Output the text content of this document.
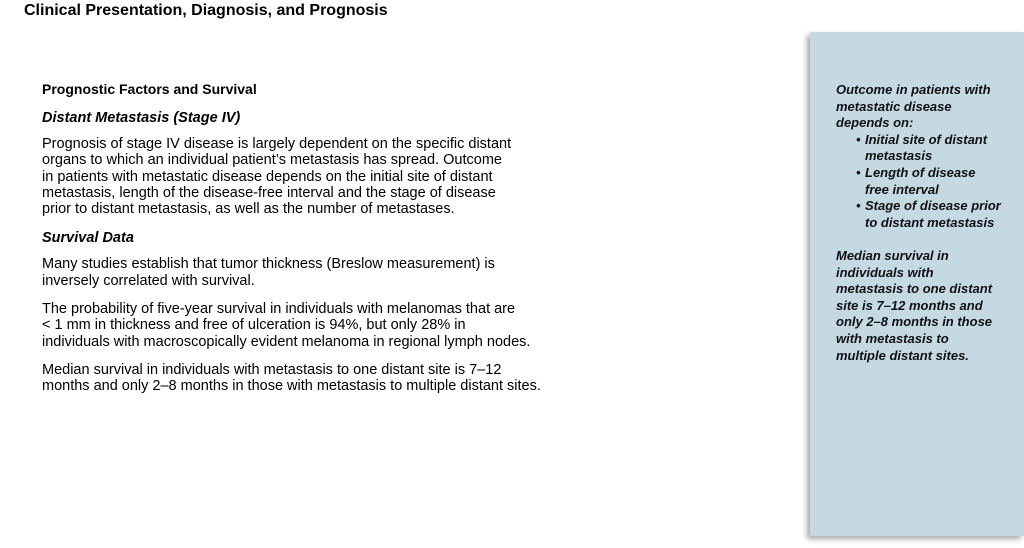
Clinical Presentation, Diagnosis, and Prognosis
Prognostic Factors and Survival
Distant Metastasis (Stage IV)
Prognosis of stage IV disease is largely dependent on the specific distant
organs to which an individual patient’s metastasis has spread. Outcome
in patients with metastatic disease depends on the initial site of distant
metastasis, length of the disease-free interval and the stage of disease
prior to distant metastasis, as well as the number of metastases.
Survival Data
Many studies establish that tumor thickness (Breslow measurement) is
inversely correlated with survival.
The probability of five-year survival in individuals with melanomas that are
< 1 mm in thickness and free of ulceration is 94%, but only 28% in
individuals with macroscopically evident melanoma in regional lymph nodes.
Median survival in individuals with metastasis to one distant site is 7–12
months and only 2–8 months in those with metastasis to multiple distant sites.
Outcome in patients with
metastatic disease
depends on:
• Initial site of distant
metastasis
• Length of disease
free interval
• Stage of disease prior
to distant metastasis
Median survival in
individuals with
metastasis to one distant
site is 7–12 months and
only 2–8 months in those
with metastasis to
multiple distant sites.
